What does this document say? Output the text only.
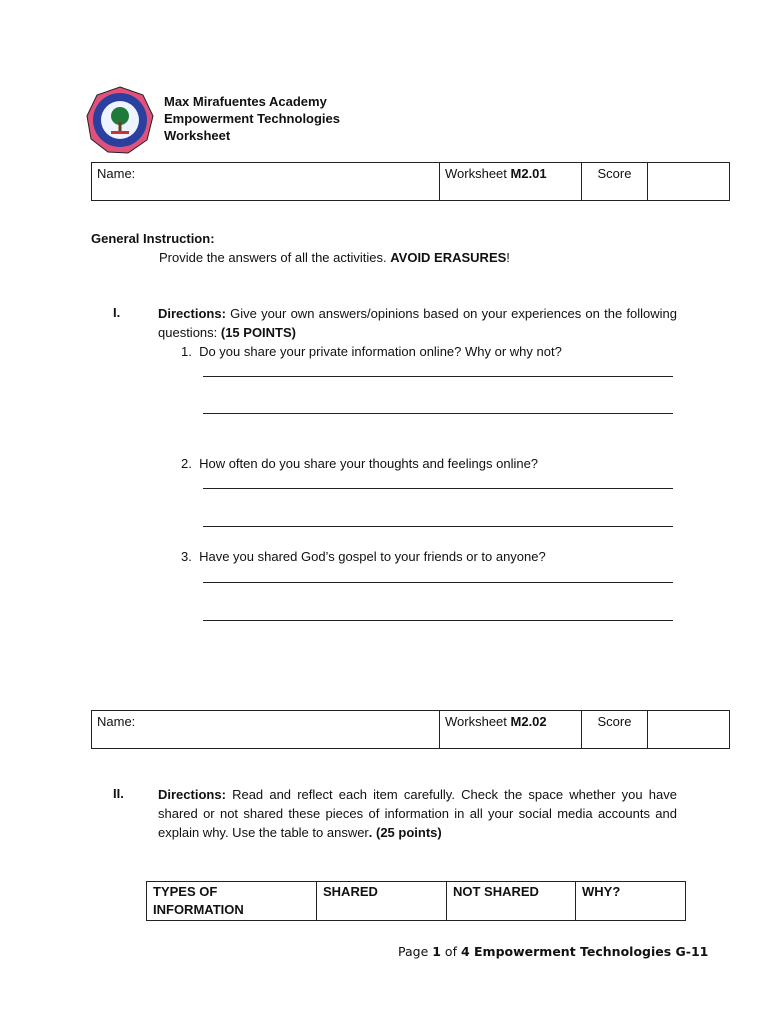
Max Mirafuentes Academy
Empowerment Technologies
Worksheet
Name:	Worksheet M2.01	Score	
General Instruction:
Provide the answers of all the activities. AVOID ERASURES!
I.	Directions: Give your own answers/opinions based on your experiences on the following questions: (15 POINTS)
1. Do you share your private information online? Why or why not?
2. How often do you share your thoughts and feelings online?
3. Have you shared God’s gospel to your friends or to anyone?
Name:	Worksheet M2.02	Score	
II.	Directions: Read and reflect each item carefully. Check the space whether you have shared or not shared these pieces of information in all your social media accounts and explain why. Use the table to answer. (25 points)
TYPES OF INFORMATION	SHARED	NOT SHARED	WHY?
Page 1 of 4 Empowerment Technologies G-11
